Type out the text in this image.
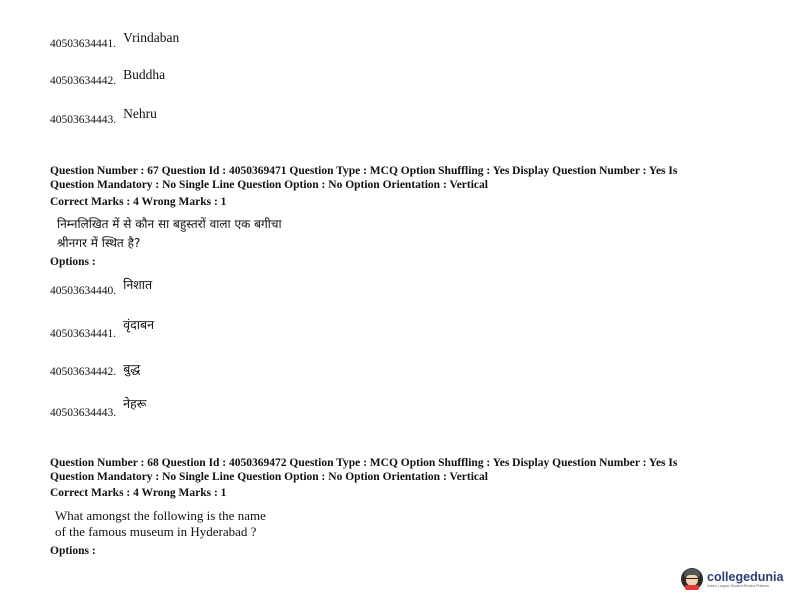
40503634441. $^{Vrindaban}$
40503634442. $^{Buddha}$
40503634443. $^{Nehru}$
Question Number : 67 Question Id : 4050369471 Question Type : MCQ Option Shuffling : Yes Display Question Number : Yes Is
Question Mandatory : No Single Line Question Option : No Option Orientation : Vertical
Correct Marks : 4 Wrong Marks : 1
निम्नलिखित में से कौन सा बहुस्तरों वाला एक बगीचा
श्रीनगर में स्थित है?
Options :
40503634440. $^{निशात}$
40503634441. $^{वृंदाबन}$
40503634442. बुद्ध
40503634443. $^{नेहरू}$
Question Number : 68 Question Id : 4050369472 Question Type : MCQ Option Shuffling : Yes Display Question Number : Yes Is
Question Mandatory : No Single Line Question Option : No Option Orientation : Vertical
Correct Marks : 4 Wrong Marks : 1
What amongst the following is the name
of the famous museum in Hyderabad ?
Options :
collegedunia
India's Largest Student Review Platform
